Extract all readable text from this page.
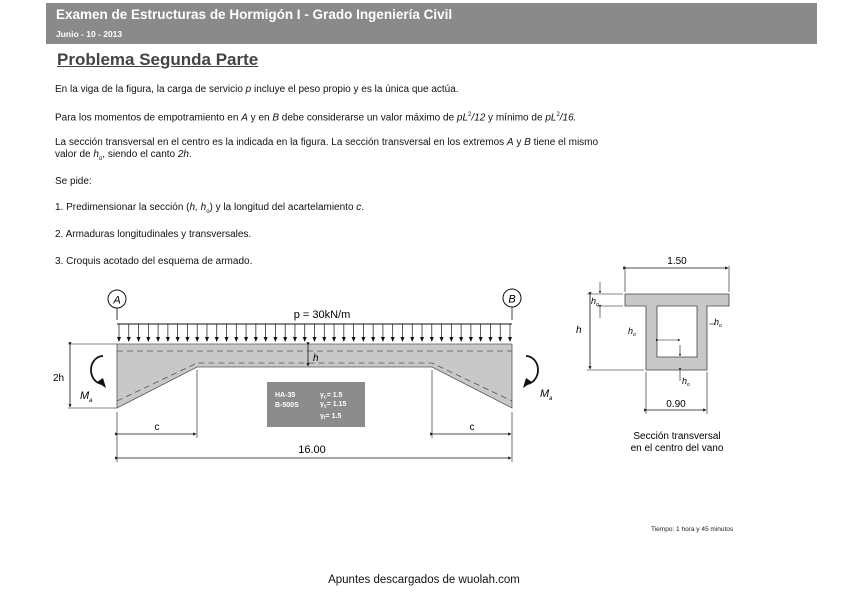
Examen de Estructuras de Hormigón I - Grado Ingeniería Civil
Junio - 10 - 2013
Problema Segunda Parte
En la viga de la figura, la carga de servicio p incluye el peso propio y es la única que actúa.
Para los momentos de empotramiento en A y en B debe considerarse un valor máximo de $pL^2/12$ y mínimo de $pL^2/16$.
La sección transversal en el centro es la indicada en la figura. La sección transversal en los extremos A y B tiene el mismo
valor de $h_o$, siendo el canto 2h.
Se pide:
1. Predimensionar la sección (h, $h_o$) y la longitud del acartelamiento c.
2. Armaduras longitudinales y transversales.
3. Croquis acotado del esquema de armado.
A	B
p = 30kN/m
h
2h
M a
M a
HA-35
B-500S
$\gamma_c= 1.5$
$\gamma_s= 1.15$
$\gamma_f= 1.5$
c	c
16.00
1.50
0.90
h
$h_o$
$h_o$
$h_o$
$h_o$
Sección transversal
en el centro del vano
Tiempo: 1 hora y 45 minutos
Apuntes descargados de wuolah.com
